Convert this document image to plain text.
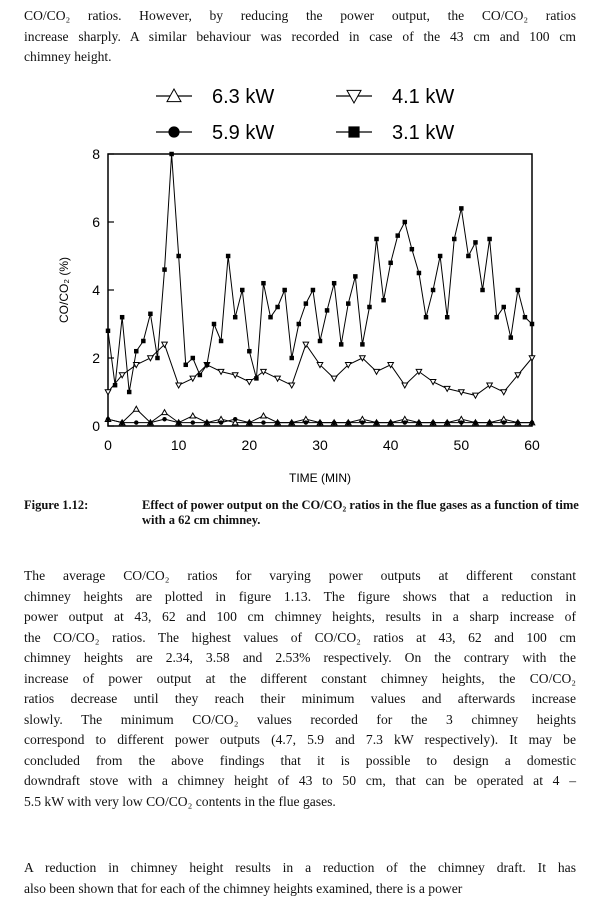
CO/CO₂ ratios. However, by reducing the power output, the CO/CO₂ ratios
increase sharply. A similar behaviour was recorded in case of the 43 cm and 100 cm
chimney height.
0	10	20	30	40	50	60
0
2
4
6
8
TIME (MIN)
CO/CO₂ (%)
6.3 kW	4.1 kW
5.9 kW	3.1 kW
Figure 1.12:	Effect of power output on the CO/CO₂ ratios in the flue gases as a function of time with a 62 cm chimney.
The average CO/CO₂ ratios for varying power outputs at different constant
chimney heights are plotted in figure 1.13. The figure shows that a reduction in
power output at 43, 62 and 100 cm chimney heights, results in a sharp increase of
the CO/CO₂ ratios. The highest values of CO/CO₂ ratios at 43, 62 and 100 cm
chimney heights are 2.34, 3.58 and 2.53% respectively. On the contrary with the
increase of power output at the different constant chimney heights, the CO/CO₂
ratios decrease until they reach their minimum values and afterwards increase
slowly. The minimum CO/CO₂ values recorded for the 3 chimney heights
correspond to different power outputs (4.7, 5.9 and 7.3 kW respectively). It may be
concluded from the above findings that it is possible to design a domestic
downdraft stove with a chimney height of 43 to 50 cm, that can be operated at 4 –
5.5 kW with very low CO/CO₂ contents in the flue gases.
A reduction in chimney height results in a reduction of the chimney draft. It has
also been shown that for each of the chimney heights examined, there is a power
